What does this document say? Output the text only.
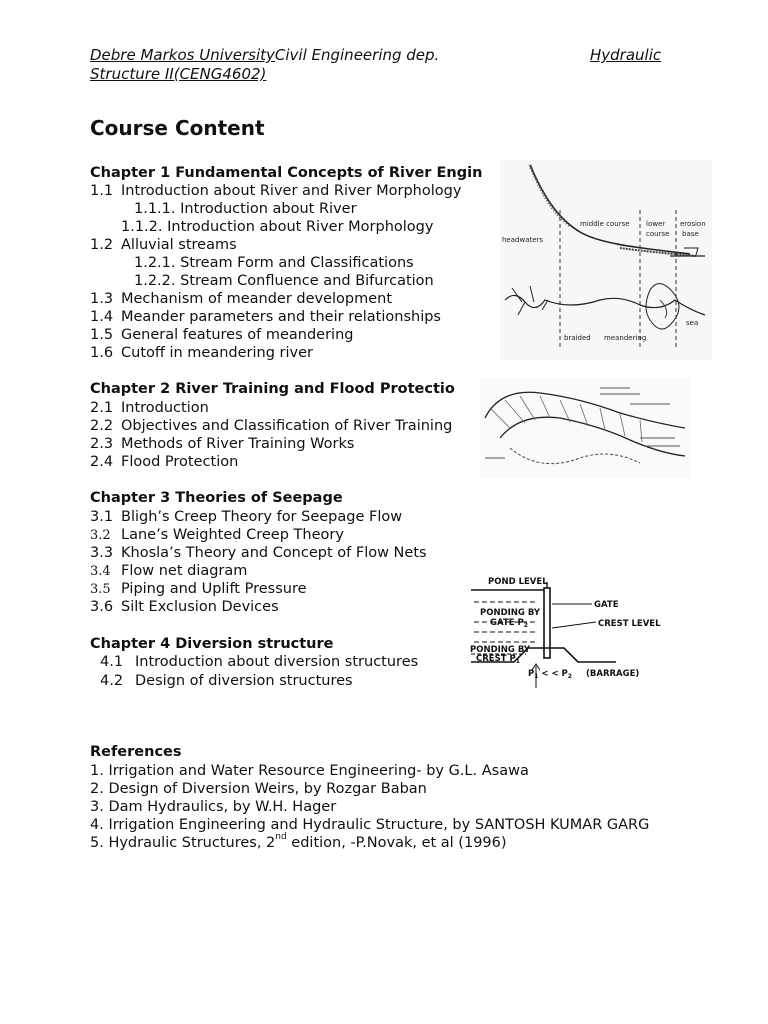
Debre Markos UniversityCivil Engineering dep.	Hydraulic
Structure II(CENG4602)
Course Content
Chapter 1 Fundamental Concepts of River Engin
1.1 Introduction about River and River Morphology
1.1.1. Introduction about River
1.1.2. Introduction about River Morphology
1.2 Alluvial streams
1.2.1. Stream Form and Classifications
1.2.2. Stream Confluence and Bifurcation
1.3 Mechanism of meander development
1.4 Meander parameters and their relationships
1.5 General features of meandering
1.6 Cutoff in meandering river
Chapter 2 River Training and Flood Protectio
2.1 Introduction
2.2 Objectives and Classification of River Training
2.3 Methods of River Training Works
2.4 Flood Protection
Chapter 3 Theories of Seepage
3.1 Bligh’s Creep Theory for Seepage Flow
3.2 Lane’s Weighted Creep Theory
3.3 Khosla’s Theory and Concept of Flow Nets
3.4 Flow net diagram
3.5 Piping and Uplift Pressure
3.6 Silt Exclusion Devices
Chapter 4 Diversion structure
4.1 Introduction about diversion structures
4.2 Design of diversion structures
References
1. Irrigation and Water Resource Engineering- by G.L. Asawa
2. Design of Diversion Weirs, by Rozgar Baban
3. Dam Hydraulics, by W.H. Hager
4. Irrigation Engineering and Hydraulic Structure, by SANTOSH KUMAR GARG
5. Hydraulic Structures, 2nd edition, -P.Novak, et al (1996)
middle course lower
course
erosion
base
headwaters
sea
braided meandering
POND LEVEL
PONDING BY
GATE $P_2$
GATE
CREST LEVEL
PONDING BY
CREST $P_1$
$P_1$ < < $P_2$ (BARRAGE)
